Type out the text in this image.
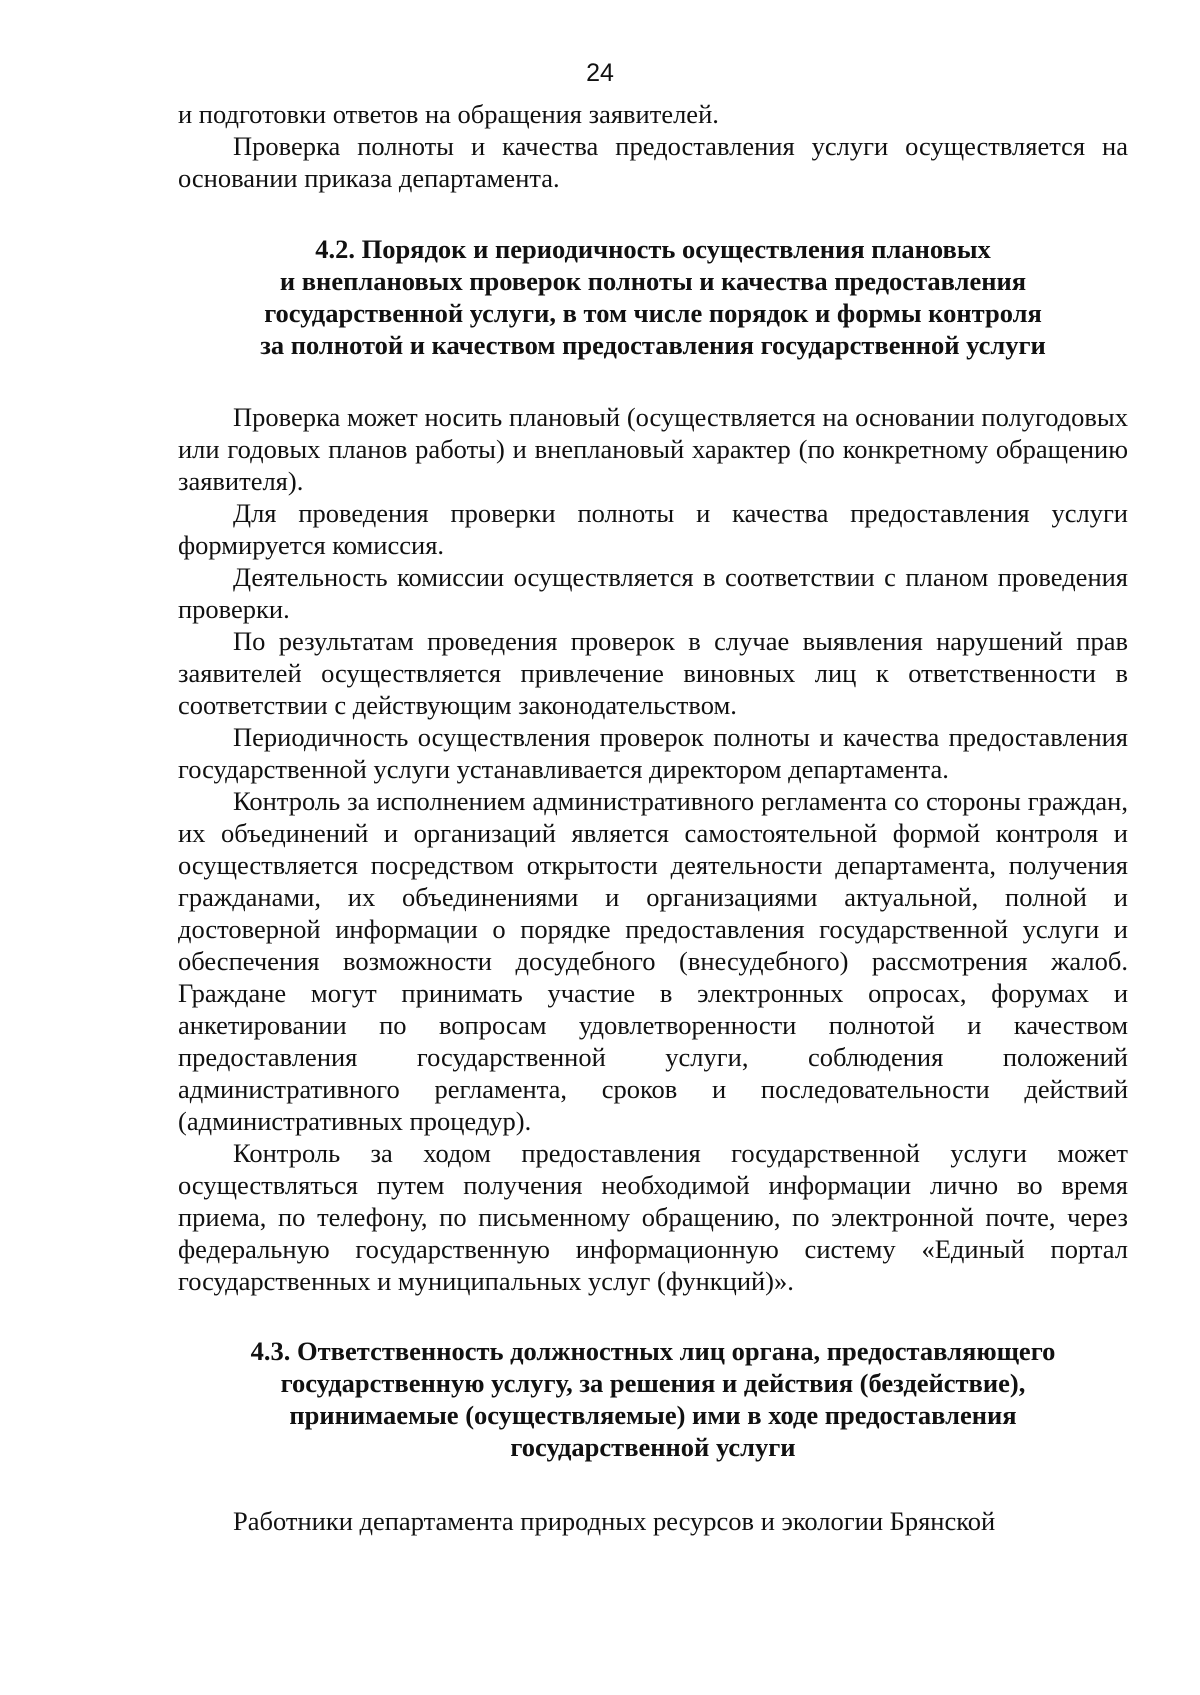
24

и подготовки ответов на обращения заявителей.

Проверка полноты и качества предоставления услуги осуществляется на основании приказа департамента.

4.2. Порядок и периодичность осуществления плановых
и внеплановых проверок полноты и качества предоставления
государственной услуги, в том числе порядок и формы контроля
за полнотой и качеством предоставления государственной услуги

Проверка может носить плановый (осуществляется на основании полугодовых или годовых планов работы) и внеплановый характер (по конкретному обращению заявителя).

Для проведения проверки полноты и качества предоставления услуги формируется комиссия.

Деятельность комиссии осуществляется в соответствии с планом проведения проверки.

По результатам проведения проверок в случае выявления нарушений прав заявителей осуществляется привлечение виновных лиц к ответственности в соответствии с действующим законодательством.

Периодичность осуществления проверок полноты и качества предоставления государственной услуги устанавливается директором департамента.

Контроль за исполнением административного регламента со стороны граждан, их объединений и организаций является самостоятельной формой контроля и осуществляется посредством открытости деятельности департамента, получения гражданами, их объединениями и организациями актуальной, полной и достоверной информации о порядке предоставления государственной услуги и обеспечения возможности досудебного (внесудебного) рассмотрения жалоб. Граждане могут принимать участие в электронных опросах, форумах и анкетировании по вопросам удовлетворенности полнотой и качеством предоставления государственной услуги, соблюдения положений административного регламента, сроков и последовательности действий (административных процедур).

Контроль за ходом предоставления государственной услуги может осуществляться путем получения необходимой информации лично во время приема, по телефону, по письменному обращению, по электронной почте, через федеральную государственную информационную систему «Единый портал государственных и муниципальных услуг (функций)».

4.3. Ответственность должностных лиц органа, предоставляющего
государственную услугу, за решения и действия (бездействие),
принимаемые (осуществляемые) ими в ходе предоставления
государственной услуги

Работники департамента природных ресурсов и экологии Брянской
